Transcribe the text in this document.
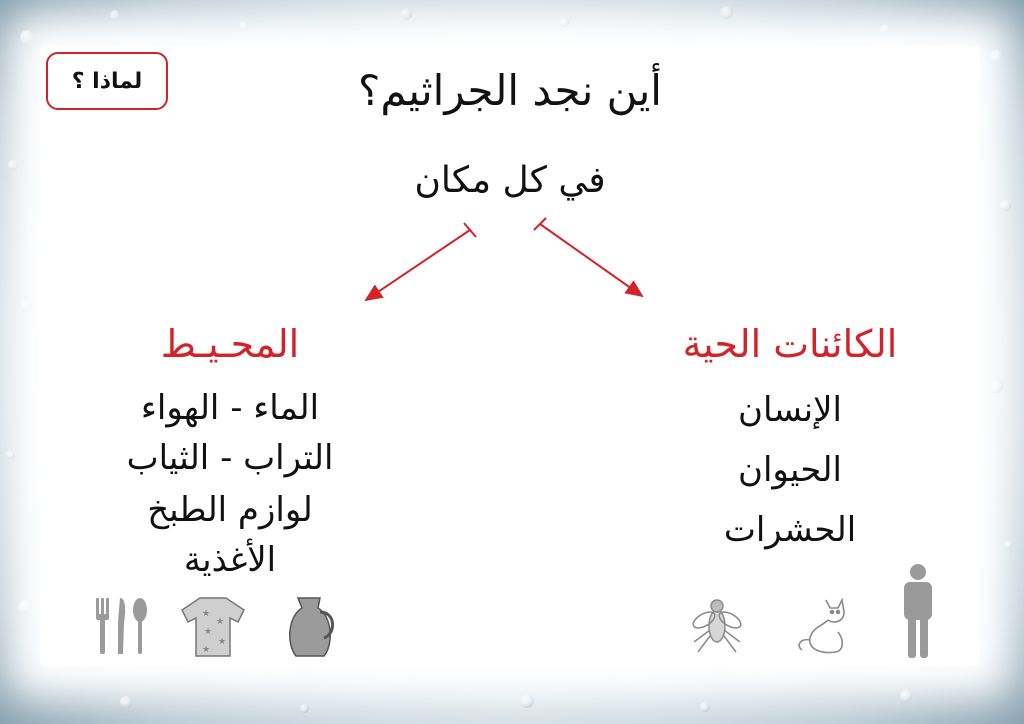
لماذا ؟	أين نجد الجراثيم؟
في كل مكان
المحـيـط
الماء - الهواء
التراب - الثياب
لوازم الطبخ
الأغذية
الكائنات الحية
الإنسان
الحيوان
الحشرات
★
★
★
★
★
